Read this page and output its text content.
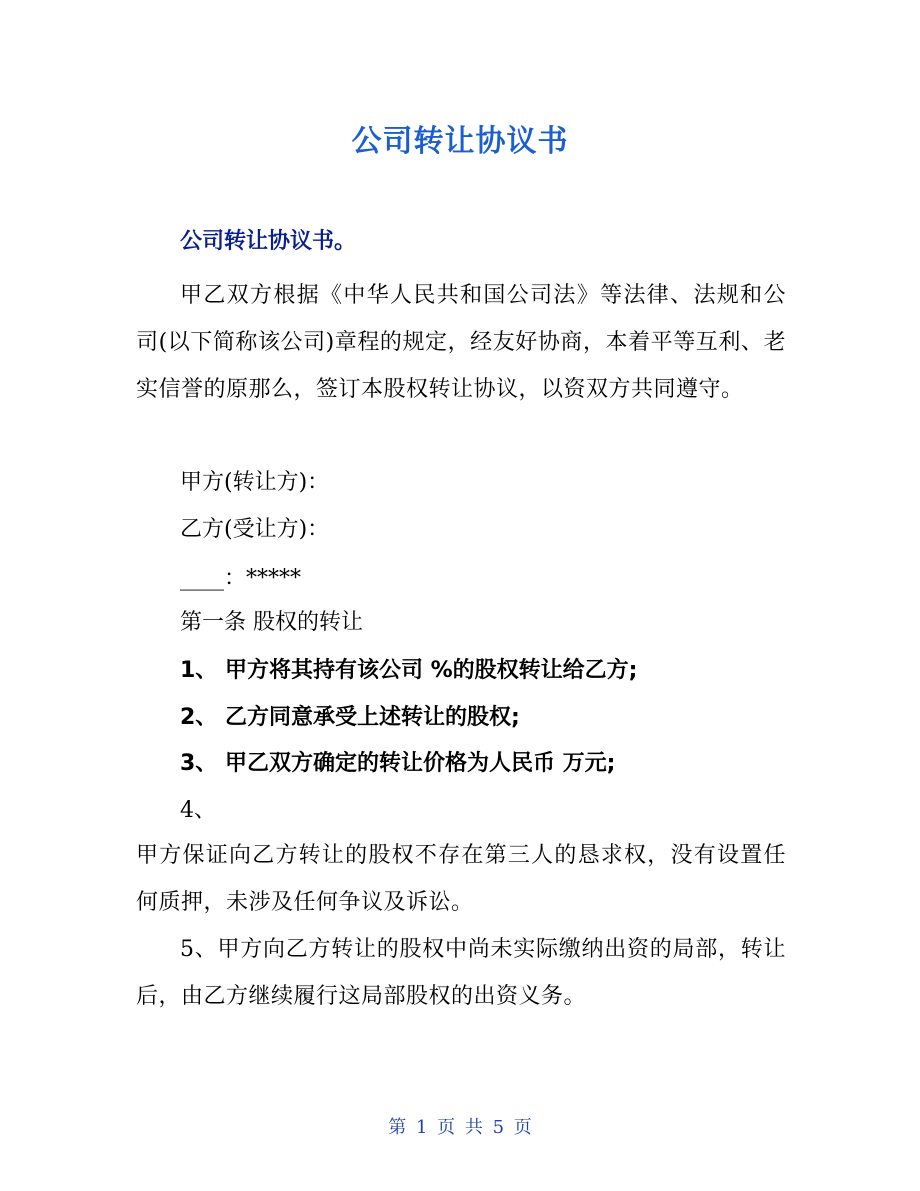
公司转让协议书
公司转让协议书。
甲乙双方根据《中华人民共和国公司法》等法律、法规和公司(以下简称该公司)章程的规定，经友好协商，本着平等互利、老实信誉的原那么，签订本股权转让协议，以资双方共同遵守。
甲方(转让方)：
乙方(受让方)：
____：*****
第一条 股权的转让
1、 甲方将其持有该公司 %的股权转让给乙方;
2、 乙方同意承受上述转让的股权;
3、 甲乙双方确定的转让价格为人民币 万元;
4、
甲方保证向乙方转让的股权不存在第三人的恳求权，没有设置任何质押，未涉及任何争议及诉讼。
5、甲方向乙方转让的股权中尚未实际缴纳出资的局部，转让后，由乙方继续履行这局部股权的出资义务。
第 1 页 共 5 页
